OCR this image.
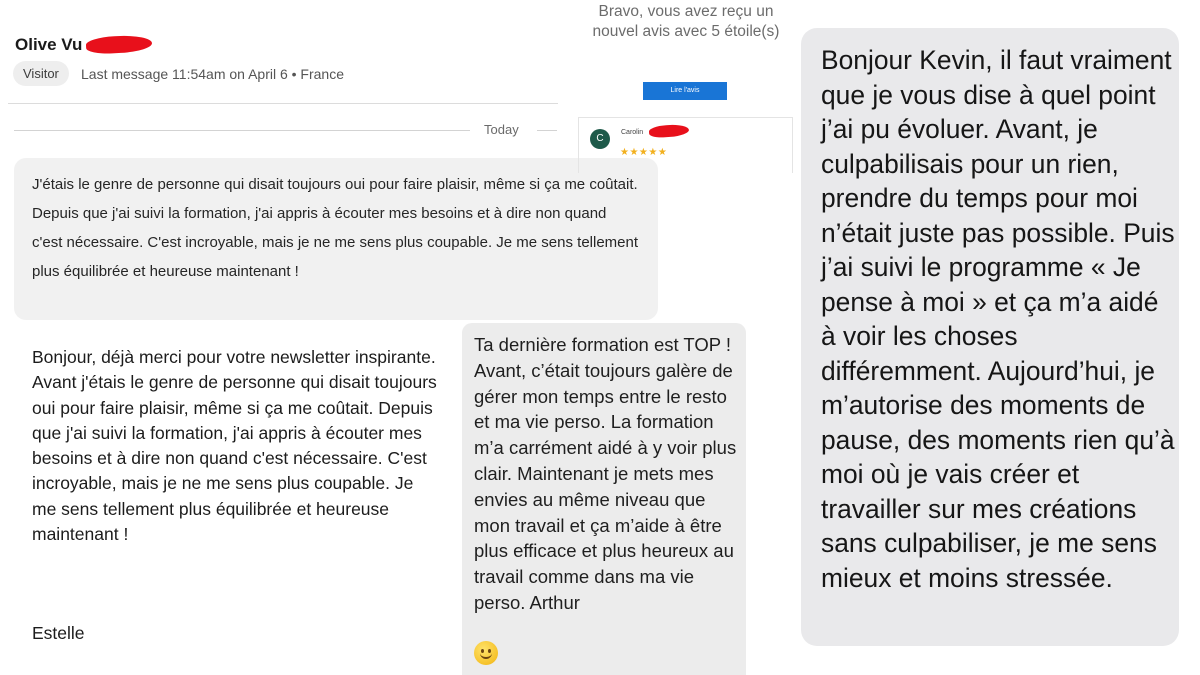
Olive Vu
Visitor	Last message 11:54am on April 6 • France
Today

J'étais le genre de personne qui disait toujours oui pour faire plaisir, même si ça me coûtait. Depuis que j'ai suivi la formation, j'ai appris à écouter mes besoins et à dire non quand c'est nécessaire. C'est incroyable, mais je ne me sens plus coupable. Je me sens tellement plus équilibrée et heureuse maintenant !

Bonjour, déjà merci pour votre newsletter inspirante. Avant j'étais le genre de personne qui disait toujours oui pour faire plaisir, même si ça me coûtait. Depuis que j'ai suivi la formation, j'ai appris à écouter mes besoins et à dire non quand c'est nécessaire. C'est incroyable, mais je ne me sens plus coupable. Je me sens tellement plus équilibrée et heureuse maintenant !
Estelle
Bravo, vous avez reçu un nouvel avis avec 5 étoile(s)
Lire l'avis
C
Carolin
★★★★★
Ta dernière formation est TOP ! Avant, c’était toujours galère de gérer mon temps entre le resto et ma vie perso. La formation m’a carrément aidé à y voir plus clair. Maintenant je mets mes envies au même niveau que mon travail et ça m’aide à être plus efficace et plus heureux au travail comme dans ma vie perso. Arthur
Bonjour Kevin, il faut vraiment que je vous dise à quel point j’ai pu évoluer. Avant, je culpabilisais pour un rien, prendre du temps pour moi n’était juste pas possible. Puis j’ai suivi le programme « Je pense à moi » et ça m’a aidé à voir les choses différemment. Aujourd’hui, je m’autorise des moments de pause, des moments rien qu’à moi où je vais créer et travailler sur mes créations sans culpabiliser, je me sens mieux et moins stressée.
